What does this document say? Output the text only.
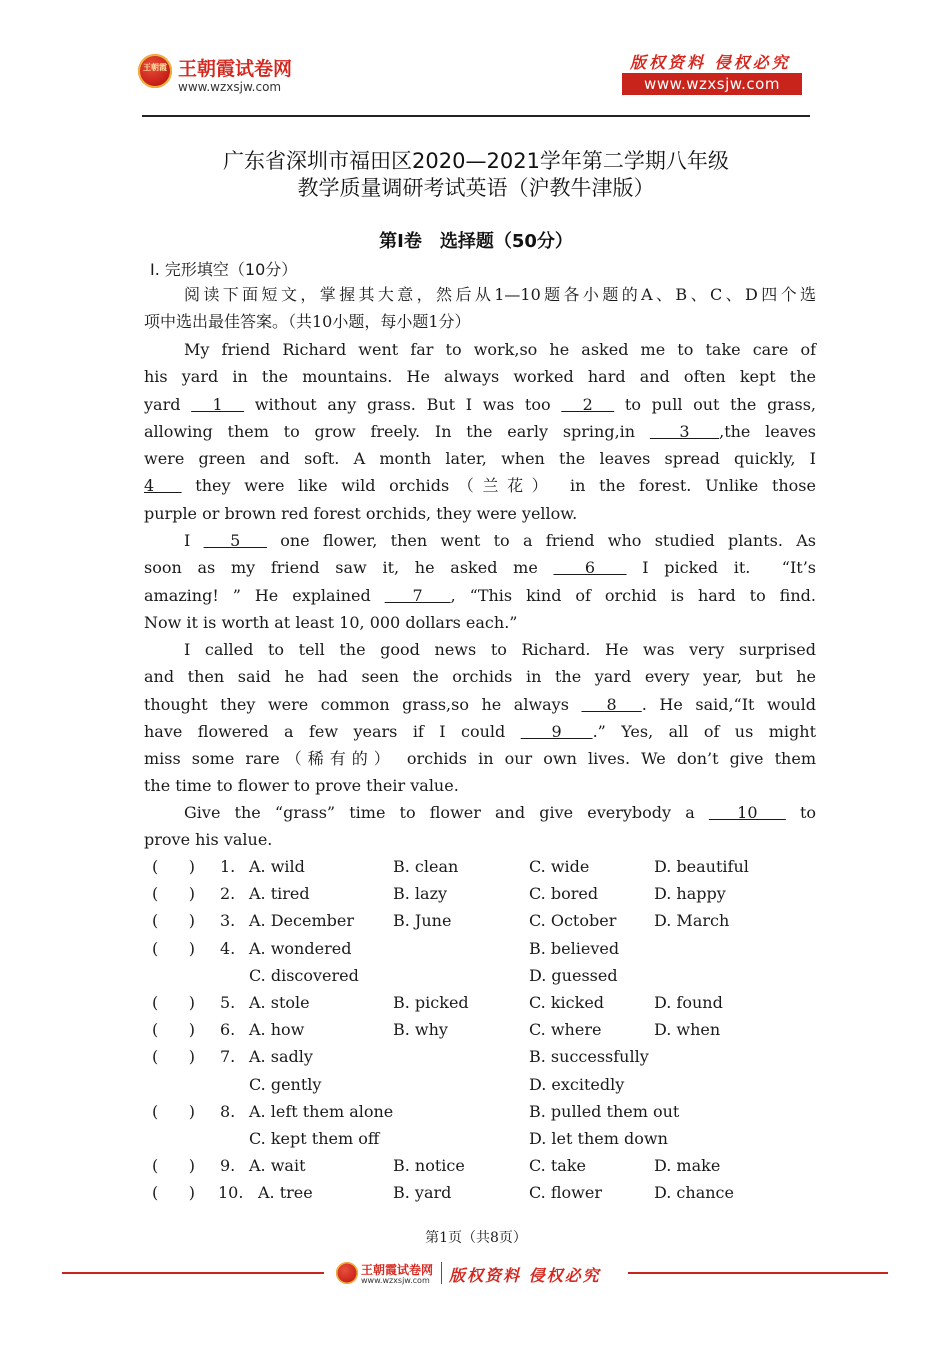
王朝霞 王朝霞试卷网
www.wzxsjw.com
版权资料 侵权必究
www.wzxsjw.com
广东省深圳市福田区2020—2021学年第二学期八年级
教学质量调研考试英语（沪教牛津版）
第Ⅰ卷　选择题（50分）
Ⅰ. 完形填空（10分）
阅读下面短文，掌握其大意，然后从1—10题各小题的A、B、C、D四个选
项中选出最佳答案。（共10小题，每小题1分）
My friend Richard went far to work,so he asked me to take care of
his yard in the mountains. He always worked hard and often kept the
yard   1   without any grass. But I was too   2   to pull out the grass,
allowing them to grow freely. In the early spring,in   3  ,the leaves
were green and soft. A month later, when the leaves spread quickly, I
4   they were like wild orchids（兰花） in the forest. Unlike those
purple or brown red forest orchids, they were yellow.
I   5   one flower, then went to a friend who studied plants. As
soon as my friend saw it, he asked me   6   I picked it.  “It’s
amazing! ” He explained   7  , “This kind of orchid is hard to find.
Now it is worth at least 10, 000 dollars each.”
I called to tell the good news to Richard. He was very surprised
and then said he had seen the orchids in the yard every year, but he
thought they were common grass,so he always   8  . He said,“It would
have flowered a few years if I could   9  .” Yes, all of us might
miss some rare（稀有的） orchids in our own lives. We don’t give them
the time to flower to prove their value.
Give the “grass” time to flower and give everybody a   10   to
prove his value.
(      ) 1. A. wild	B. clean	C. wide	D. beautiful
(      ) 2. A. tired	B. lazy	C. bored	D. happy
(      ) 3. A. December B. June	C. October D. March
(      ) 4. A. wondered	B. believed
C. discovered	D. guessed
(      ) 5. A. stole	B. picked	C. kicked	D. found
(      ) 6. A. how	B. why	C. where	D. when
(      ) 7. A. sadly	B. successfully
C. gently	D. excitedly
(      ) 8. A. left them alone	B. pulled them out
C. kept them off	D. let them down
(      ) 9. A. wait	B. notice	C. take	D. make
(      ) 10. A. tree	B. yard	C. flower	D. chance
第1页（共8页）
王朝霞试卷网
www.wzxsjw.com 版权资料 侵权必究
